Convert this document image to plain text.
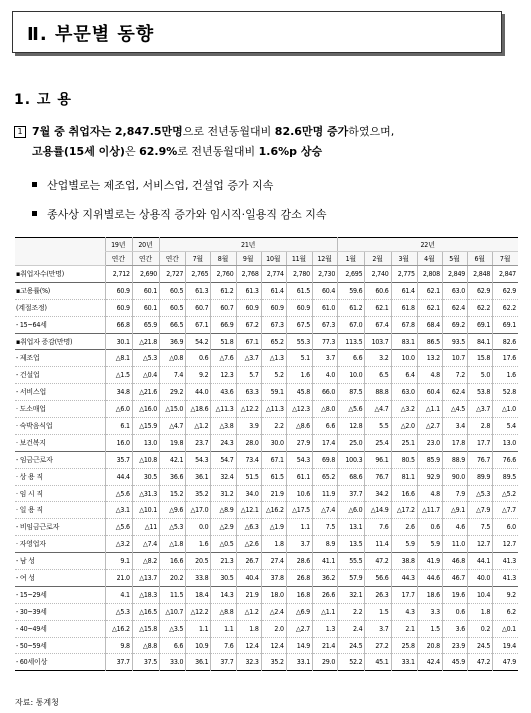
Ⅱ. 부문별 동향
1. 고 용
1 7월 중 취업자는 2,847.5만명으로 전년동월대비 82.6만명 증가하였으며,
고용률(15세 이상)은 62.9%로 전년동월대비 1.6%p 상승
산업별로는 제조업, 서비스업, 건설업 증가 지속
종사상 지위별로는 상용직 증가와 임시직·일용직 감소 지속
	19년	20년	21년							22년						
	연간	연간	연간	7월	8월	9월	10월	11월	12월	1월	2월	3월	4월	5월	6월	7월
▪취업자수(만명)	2,712	2,690	2,727	2,765	2,760	2,768	2,774	2,780	2,730	2,695	2,740	2,775	2,808	2,849	2,848	2,847
▪고용률(%)	60.9	60.1	60.5	61.3	61.2	61.3	61.4	61.5	60.4	59.6	60.6	61.4	62.1	63.0	62.9	62.9
(계절조정)	60.9	60.1	60.5	60.7	60.7	60.9	60.9	60.9	61.0	61.2	62.1	61.8	62.1	62.4	62.2	62.2
- 15~64세	66.8	65.9	66.5	67.1	66.9	67.2	67.3	67.5	67.3	67.0	67.4	67.8	68.4	69.2	69.1	69.1
▪취업자 증감(만명)	30.1	△21.8	36.9	54.2	51.8	67.1	65.2	55.3	77.3	113.5	103.7	83.1	86.5	93.5	84.1	82.6
- 제조업	△8.1	△5.3	△0.8	0.6	△7.6	△3.7	△1.3	5.1	3.7	6.6	3.2	10.0	13.2	10.7	15.8	17.6
- 건설업	△1.5	△0.4	7.4	9.2	12.3	5.7	5.2	1.6	4.0	10.0	6.5	6.4	4.8	7.2	5.0	1.6
- 서비스업	34.8	△21.6	29.2	44.0	43.6	63.3	59.1	45.8	66.0	87.5	88.8	63.0	60.4	62.4	53.8	52.8
· 도소매업	△6.0	△16.0	△15.0	△18.6	△11.3	△12.2	△11.3	△12.3	△8.0	△5.6	△4.7	△3.2	△1.1	△4.5	△3.7	△1.0
· 숙박음식업	6.1	△15.9	△4.7	△1.2	△3.8	3.9	2.2	△8.6	6.6	12.8	5.5	△2.0	△2.7	3.4	2.8	5.4
· 보건복지	16.0	13.0	19.8	23.7	24.3	28.0	30.0	27.9	17.4	25.0	25.4	25.1	23.0	17.8	17.7	13.0
- 임금근로자	35.7	△10.8	42.1	54.3	54.7	73.4	67.1	54.3	69.8	100.3	96.1	80.5	85.9	88.9	76.7	76.6
· 상 용 직	44.4	30.5	36.6	36.1	32.4	51.5	61.5	61.1	65.2	68.6	76.7	81.1	92.9	90.0	89.9	89.5
· 임 시 직	△5.6	△31.3	15.2	35.2	31.2	34.0	21.9	10.6	11.9	37.7	34.2	16.6	4.8	7.9	△5.3	△5.2
· 일 용 직	△3.1	△10.1	△9.6	△17.0	△8.9	△12.1	△16.2	△17.5	△7.4	△6.0	△14.9	△17.2	△11.7	△9.1	△7.9	△7.7
- 비임금근로자	△5.6	△11	△5.3	0.0	△2.9	△6.3	△1.9	1.1	7.5	13.1	7.6	2.6	0.6	4.6	7.5	6.0
· 자영업자	△3.2	△7.4	△1.8	1.6	△0.5	△2.6	1.8	3.7	8.9	13.5	11.4	5.9	5.9	11.0	12.7	12.7
- 남 성	9.1	△8.2	16.6	20.5	21.3	26.7	27.4	28.6	41.1	55.5	47.2	38.8	41.9	46.8	44.1	41.3
- 여 성	21.0	△13.7	20.2	33.8	30.5	40.4	37.8	26.8	36.2	57.9	56.6	44.3	44.6	46.7	40.0	41.3
- 15~29세	4.1	△18.3	11.5	18.4	14.3	21.9	18.0	16.8	26.6	32.1	26.3	17.7	18.6	19.6	10.4	9.2
- 30~39세	△5.3	△16.5	△10.7	△12.2	△8.8	△1.2	△2.4	△6.9	△1.1	2.2	1.5	4.3	3.3	0.6	1.8	6.2
- 40~49세	△16.2	△15.8	△3.5	1.1	1.1	1.8	2.0	△2.7	1.3	2.4	3.7	2.1	1.5	3.6	0.2	△0.1
- 50~59세	9.8	△8.8	6.6	10.9	7.6	12.4	12.4	14.9	21.4	24.5	27.2	25.8	20.8	23.9	24.5	19.4
- 60세이상	37.7	37.5	33.0	36.1	37.7	32.3	35.2	33.1	29.0	52.2	45.1	33.1	42.4	45.9	47.2	47.9
자료: 통계청
